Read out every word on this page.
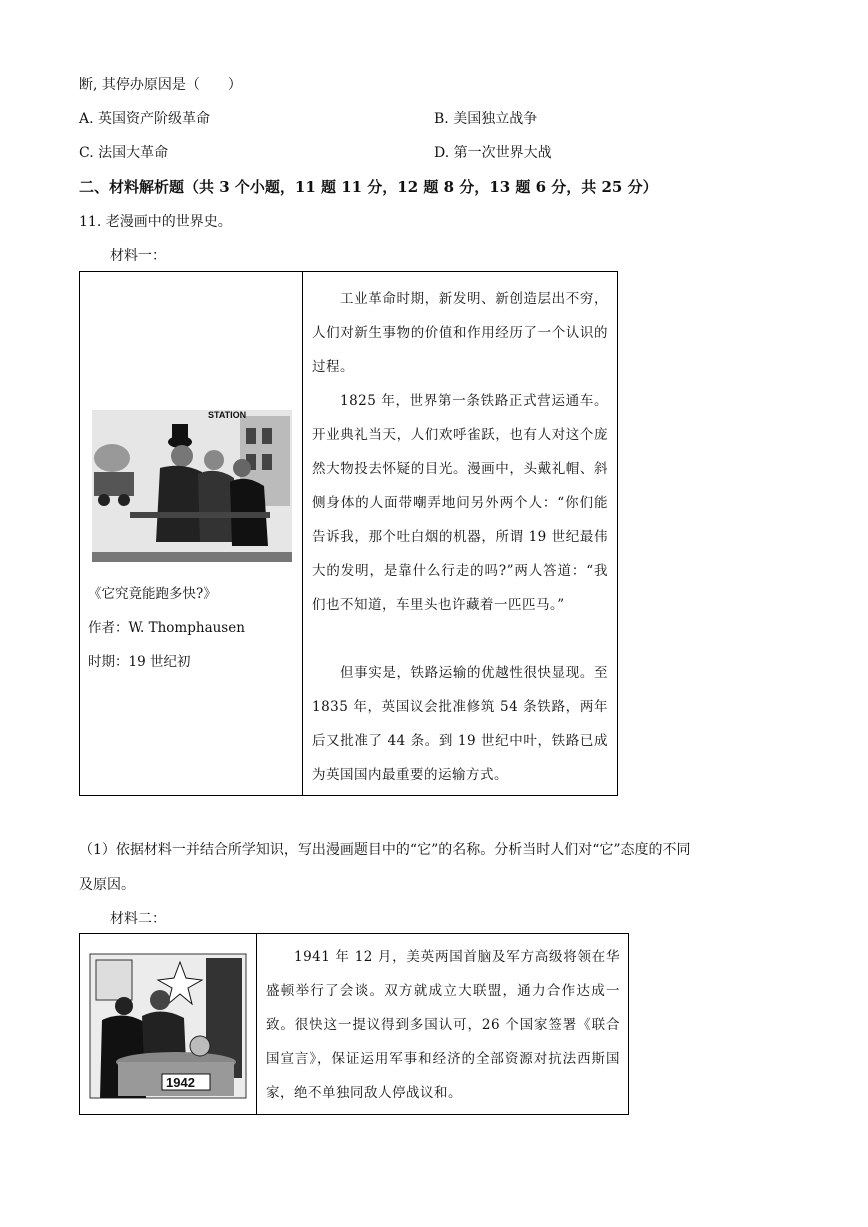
断, 其停办原因是（　　）
A. 英国资产阶级革命	B. 美国独立战争
C. 法国大革命	D. 第一次世界大战
二、材料解析题（共 3 个小题，11 题 11 分，12 题 8 分，13 题 6 分，共 25 分）
11. 老漫画中的世界史。
材料一：
STATION
《它究竟能跑多快?》
作者：W. Thomphausen
时期：19 世纪初
工业革命时期，新发明、新创造层出不穷，人们对新生事物的价值和作用经历了一个认识的过程。
1825 年，世界第一条铁路正式营运通车。开业典礼当天，人们欢呼雀跃，也有人对这个庞然大物投去怀疑的目光。漫画中，头戴礼帽、斜侧身体的人面带嘲弄地问另外两个人：“你们能告诉我，那个吐白烟的机器，所谓 19 世纪最伟大的发明，是靠什么行走的吗?”两人答道：“我们也不知道，车里头也许藏着一匹匹马。”
但事实是，铁路运输的优越性很快显现。至 1835 年，英国议会批准修筑 54 条铁路，两年后又批准了 44 条。到 19 世纪中叶，铁路已成为英国国内最重要的运输方式。
（1）依据材料一并结合所学知识，写出漫画题目中的“它”的名称。分析当时人们对“它”态度的不同
及原因。
材料二：
1942
1941 年 12 月，美英两国首脑及军方高级将领在华盛顿举行了会谈。双方就成立大联盟，通力合作达成一致。很快这一提议得到多国认可，26 个国家签署《联合国宣言》，保证运用军事和经济的全部资源对抗法西斯国家，绝不单独同敌人停战议和。
